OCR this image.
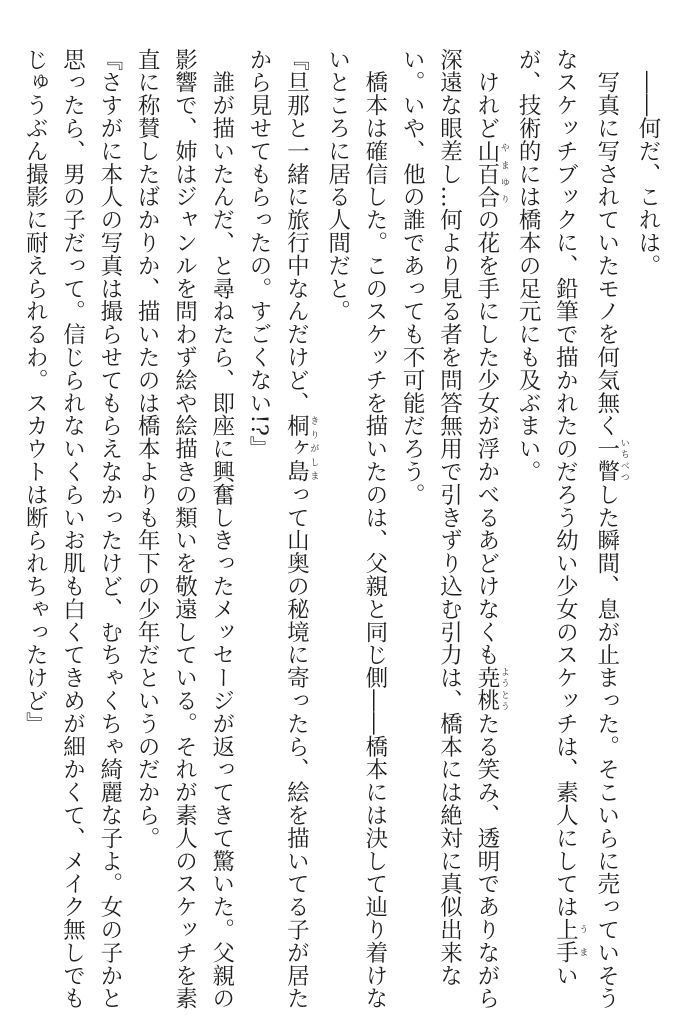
　――何だ、これは。
　写真に写されていたモノを何気無く一瞥 いちべつした瞬間、息が止まった。そこいらに売っていそう
なスケッチブックに、鉛筆で描かれたのだろう幼い少女のスケッチは、素人にしては上手 うまい
が、技術的には橋本の足元にも及ぶまい。
　けれど山百合 やまゆりの花を手にした少女が浮かべるあどけなくも尭桃 ようとうたる笑み、透明でありながら
深遠な眼差し…何より見る者を問答無用で引きずり込む引力は、橋本には絶対に真似出来な
い。いや、他の誰であっても不可能だろう。
　橋本は確信した。このスケッチを描いたのは、父親と同じ側――橋本には決して辿り着けな
いところに居る人間だと。
『旦那と一緒に旅行中なんだけど、桐ヶ島 きりがしまって山奥の秘境に寄ったら、絵を描いてる子が居た
から見せてもらったの。すごくない!?』
　誰が描いたんだ、と尋ねたら、即座に興奮しきったメッセージが返ってきて驚いた。父親の
影響で、姉はジャンルを問わず絵や絵描きの類いを敬遠している。それが素人のスケッチを素
直に称賛したばかりか、描いたのは橋本よりも年下の少年だというのだから。
『さすがに本人の写真は撮らせてもらえなかったけど、むちゃくちゃ綺麗な子よ。女の子かと
思ったら、男の子だって。信じられないくらいお肌も白くてきめが細かくて、メイク無しでも
じゅうぶん撮影に耐えられるわ。スカウトは断られちゃったけど』
